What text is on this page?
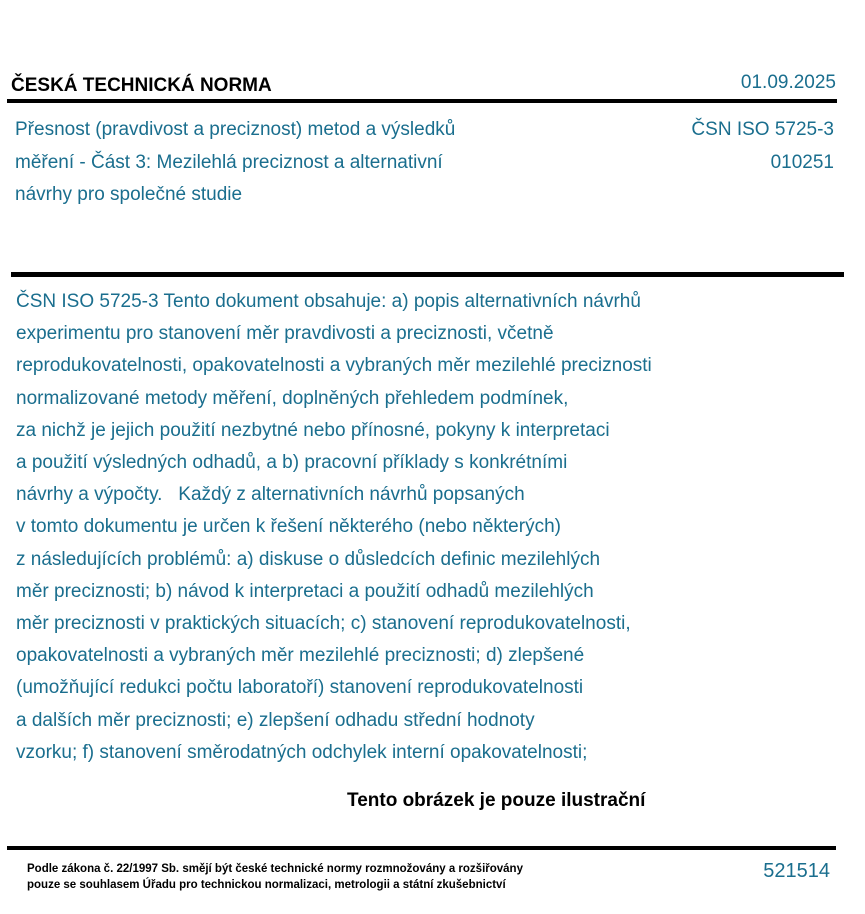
ČESKÁ TECHNICKÁ NORMA	01.09.2025
Přesnost (pravdivost a preciznost) metod a výsledků
měření - Část 3: Mezilehlá preciznost a alternativní
návrhy pro společné studie
ČSN ISO 5725-3
010251
ČSN ISO 5725-3 Tento dokument obsahuje: a) popis alternativních návrhů
experimentu pro stanovení měr pravdivosti a preciznosti, včetně
reprodukovatelnosti, opakovatelnosti a vybraných měr mezilehlé preciznosti
normalizované metody měření, doplněných přehledem podmínek,
za nichž je jejich použití nezbytné nebo přínosné, pokyny k interpretaci
a použití výsledných odhadů, a b) pracovní příklady s konkrétními
návrhy a výpočty.   Každý z alternativních návrhů popsaných
v tomto dokumentu je určen k řešení některého (nebo některých)
z následujících problémů: a) diskuse o důsledcích definic mezilehlých
měr preciznosti; b) návod k interpretaci a použití odhadů mezilehlých
měr preciznosti v praktických situacích; c) stanovení reprodukovatelnosti,
opakovatelnosti a vybraných měr mezilehlé preciznosti; d) zlepšené
(umožňující redukci počtu laboratoří) stanovení reprodukovatelnosti
a dalších měr preciznosti; e) zlepšení odhadu střední hodnoty
vzorku; f) stanovení směrodatných odchylek interní opakovatelnosti;
Tento obrázek je pouze ilustrační
Podle zákona č. 22/1997 Sb. smějí být české technické normy rozmnožovány a rozšiřovány
pouze se souhlasem Úřadu pro technickou normalizaci, metrologii a státní zkušebnictví
521514
